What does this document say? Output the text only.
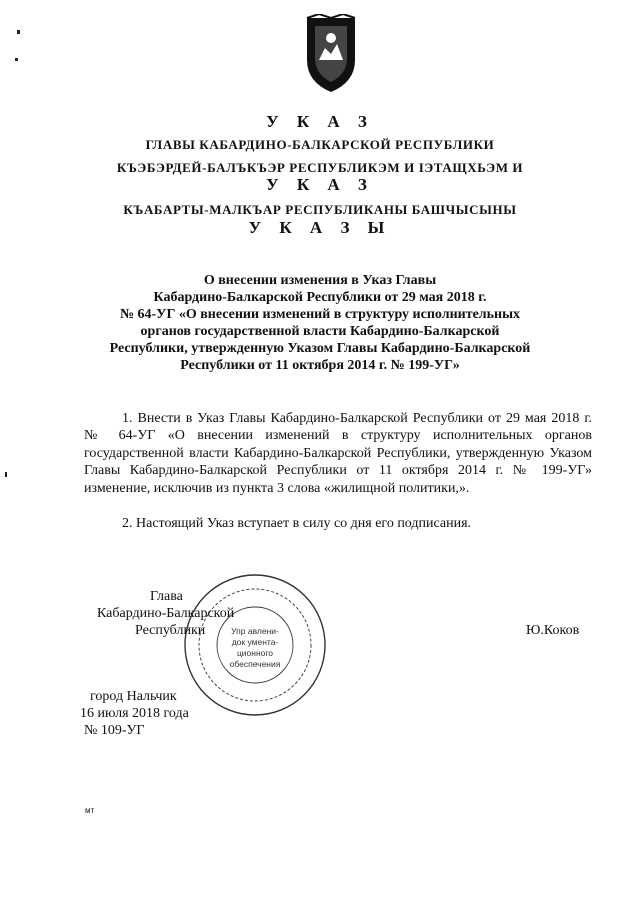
У К А З
ГЛАВЫ КАБАРДИНО-БАЛКАРСКОЙ РЕСПУБЛИКИ
КЪЭБЭРДЕЙ-БАЛЪКЪЭР РЕСПУБЛИКЭМ И ІЭТАЩХЬЭМ И
У К А З
КЪАБАРТЫ-МАЛКЪАР РЕСПУБЛИКАНЫ БАШЧЫСЫНЫ
У К А З Ы
О внесении изменения в Указ Главы
Кабардино-Балкарской Республики от 29 мая 2018 г.
№ 64-УГ «О внесении изменений в структуру исполнительных
органов государственной власти Кабардино-Балкарской
Республики, утвержденную Указом Главы Кабардино-Балкарской
Республики от 11 октября 2014 г. № 199-УГ»
1. Внести в Указ Главы Кабардино-Балкарской Республики от 29 мая 2018 г. № 64-УГ «О внесении изменений в структуру исполнительных органов государственной власти Кабардино-Балкарской Республики, утвержденную Указом Главы Кабардино-Балкарской Республики от 11 октября 2014 г. № 199-УГ» изменение, исключив из пункта 3 слова «жилищной политики,».
2. Настоящий Указ вступает в силу со дня его подписания.
Упр авлени-
док умента-
ционного
обеспечения
Глава
Кабардино-Балкарской
Республики	Ю.Коков
город Нальчик
16 июля 2018 года
№ 109-УГ
мт
